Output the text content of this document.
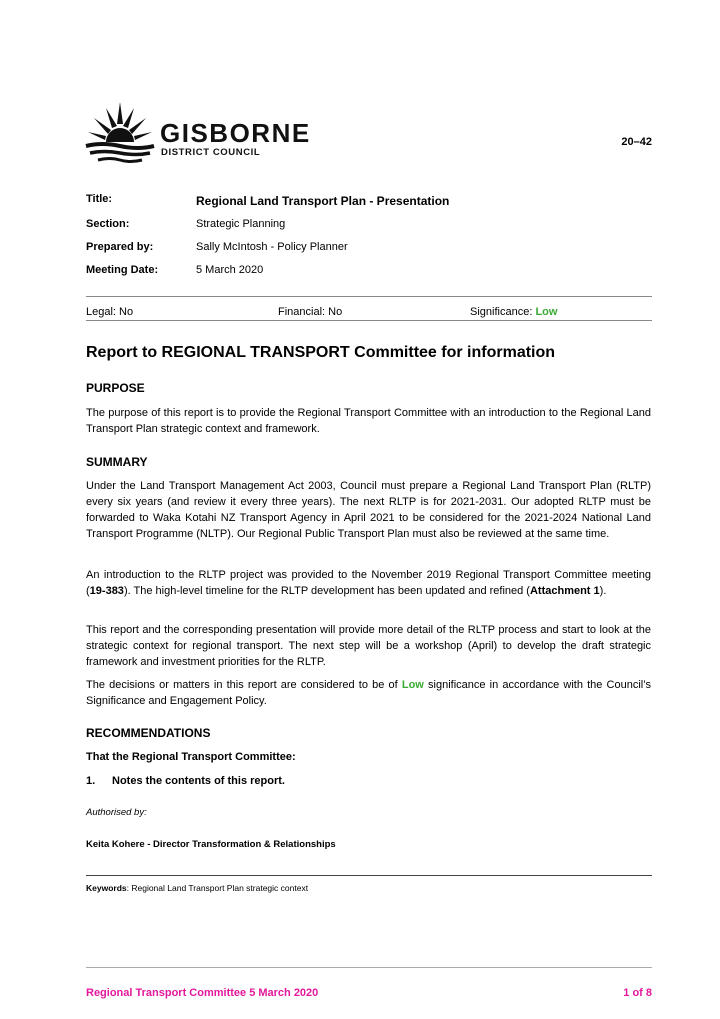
GISBORNE
DISTRICT COUNCIL
20–42
Title:	Regional Land Transport Plan - Presentation
Section:	Strategic Planning
Prepared by:	Sally McIntosh - Policy Planner
Meeting Date:	5 March 2020
Legal: No	Financial: No	Significance: Low
Report to REGIONAL TRANSPORT Committee for information
PURPOSE
The purpose of this report is to provide the Regional Transport Committee with an introduction to the Regional Land Transport Plan strategic context and framework.
SUMMARY
Under the Land Transport Management Act 2003, Council must prepare a Regional Land Transport Plan (RLTP) every six years (and review it every three years). The next RLTP is for 2021-2031. Our adopted RLTP must be forwarded to Waka Kotahi NZ Transport Agency in April 2021 to be considered for the 2021-2024 National Land Transport Programme (NLTP). Our Regional Public Transport Plan must also be reviewed at the same time.
An introduction to the RLTP project was provided to the November 2019 Regional Transport Committee meeting (19-383). The high-level timeline for the RLTP development has been updated and refined (Attachment 1).
This report and the corresponding presentation will provide more detail of the RLTP process and start to look at the strategic context for regional transport. The next step will be a workshop (April) to develop the draft strategic framework and investment priorities for the RLTP.
The decisions or matters in this report are considered to be of Low significance in accordance with the Council’s Significance and Engagement Policy.
RECOMMENDATIONS
That the Regional Transport Committee:
1. Notes the contents of this report.
Authorised by:
Keita Kohere - Director Transformation & Relationships
Keywords: Regional Land Transport Plan strategic context
Regional Transport Committee 5 March 2020	1 of 8
